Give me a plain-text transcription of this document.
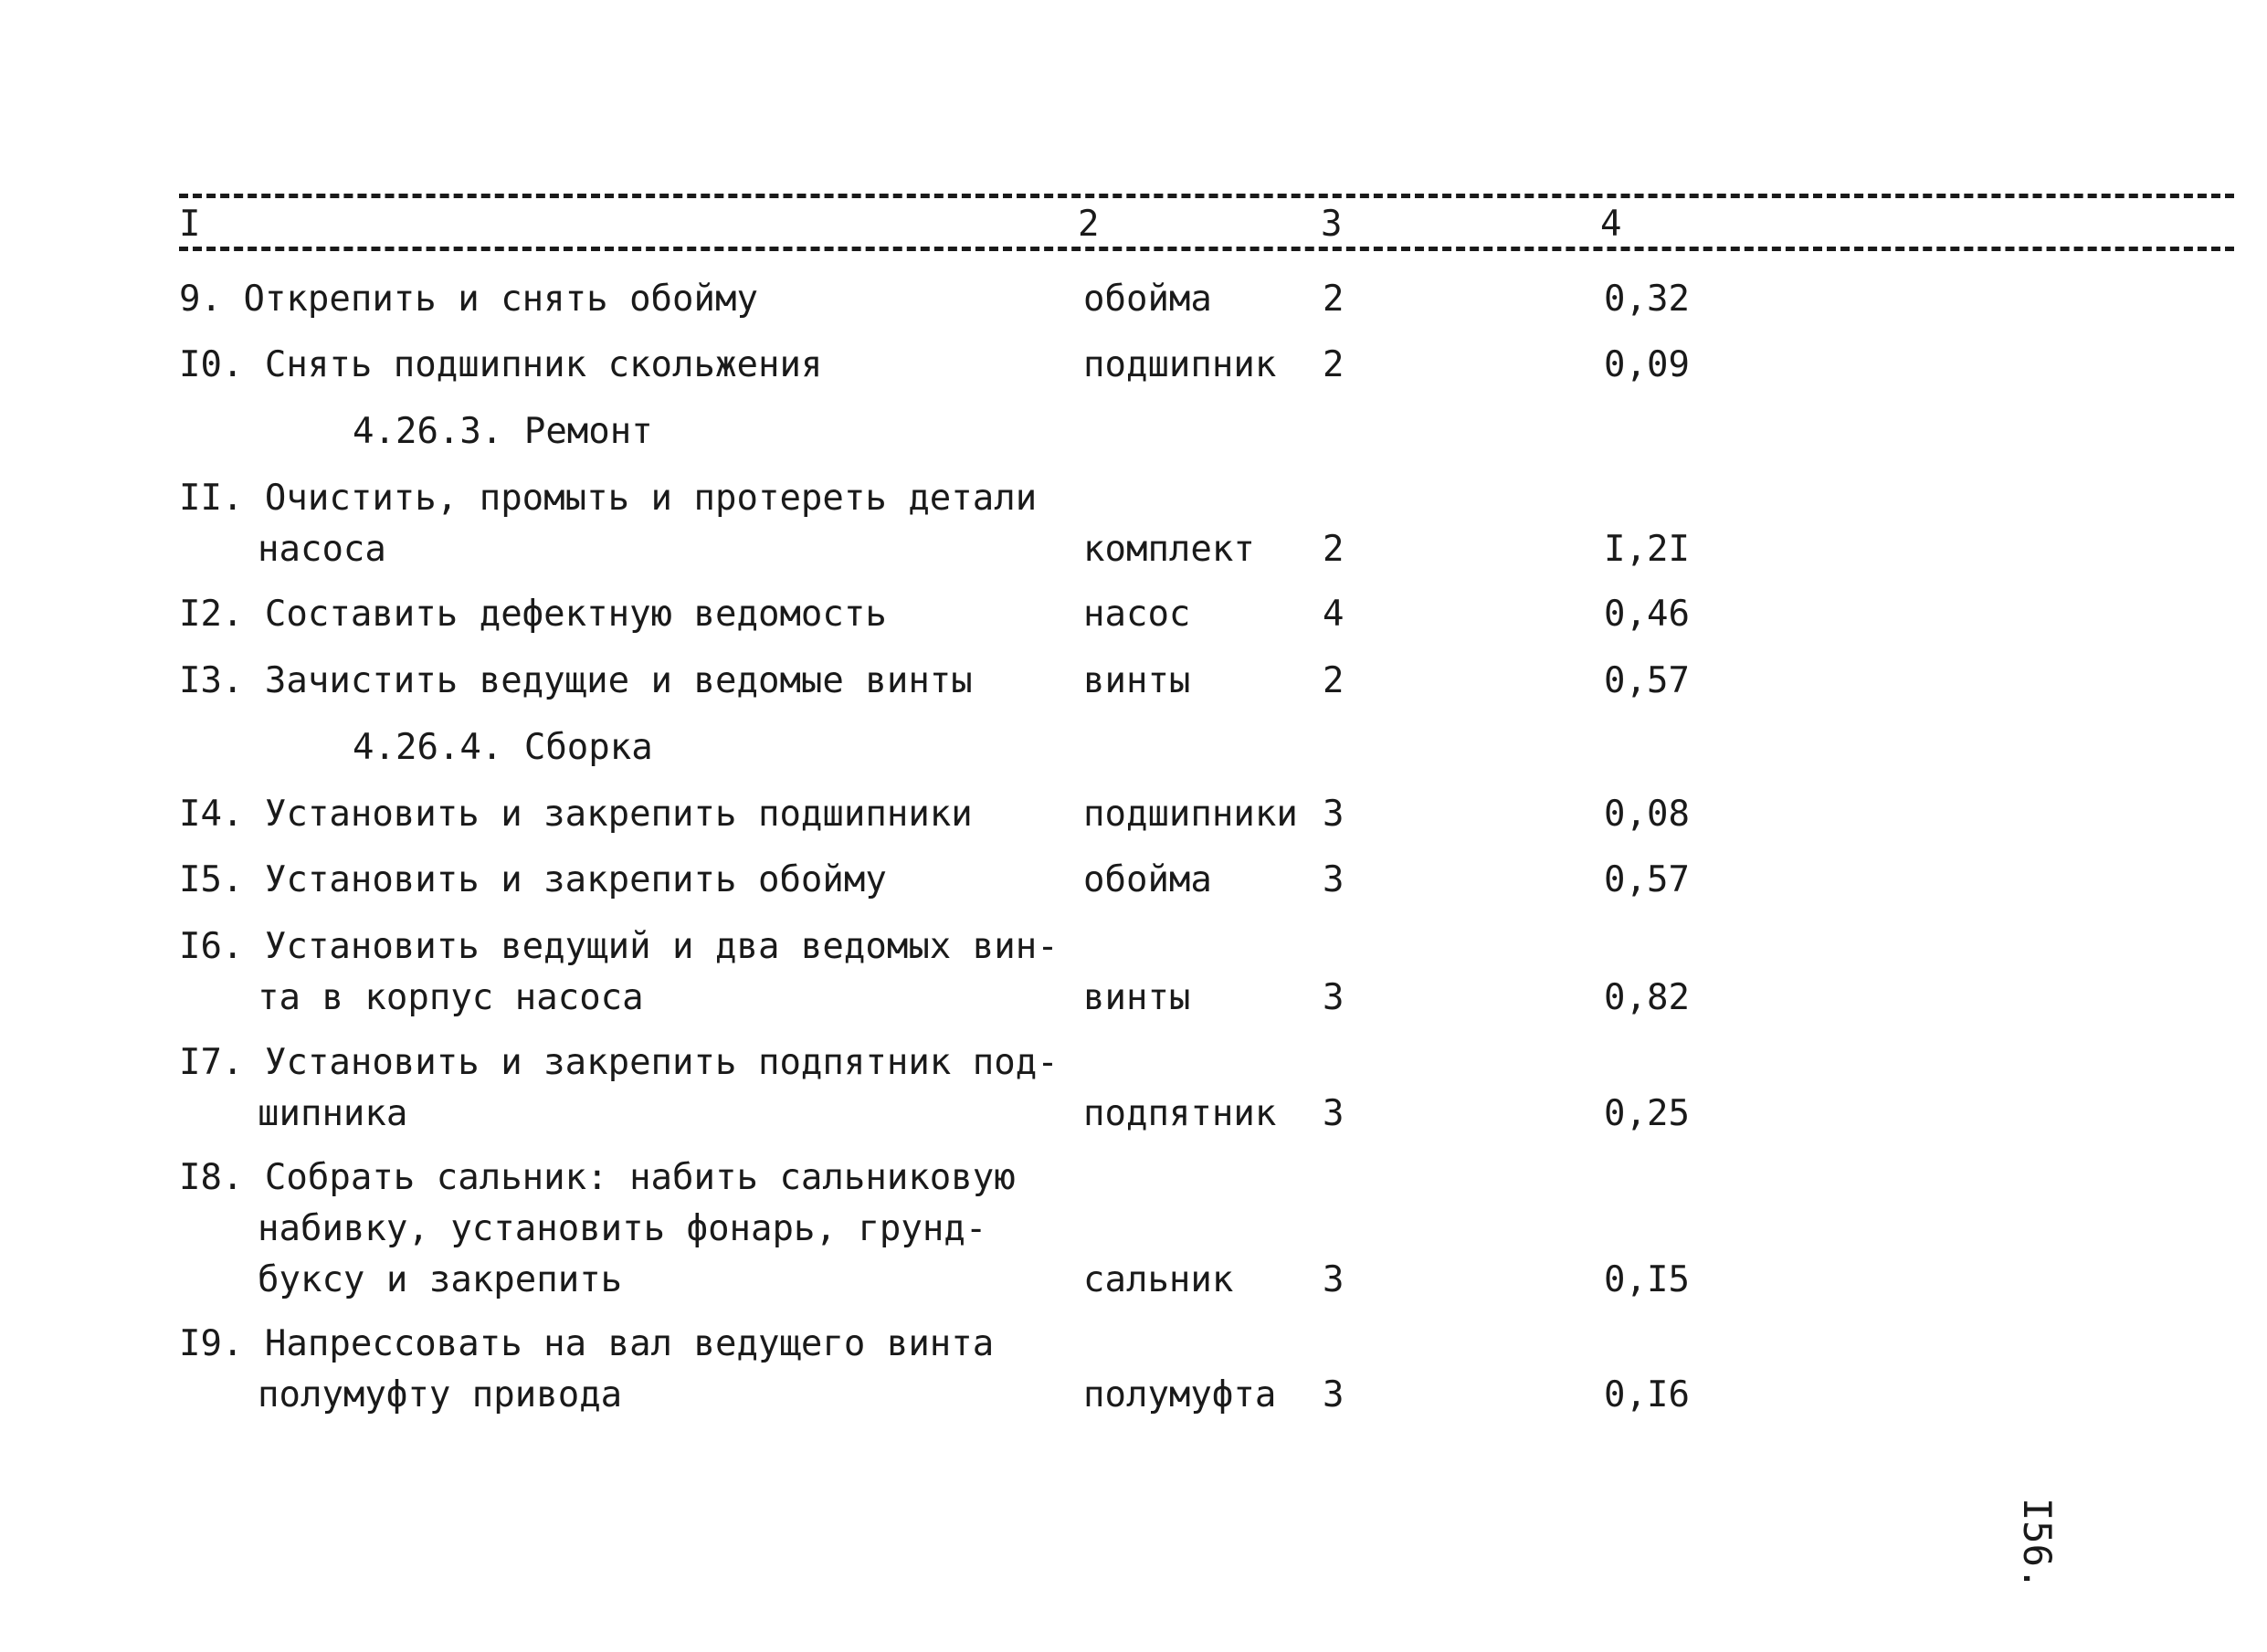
I	2	3	4
9. Открепить и снять обойму	обойма	2	0,32
I0. Снять подшипник скольжения	подшипник 2	0,09
4.26.3. Ремонт
II. Очистить, промыть и протереть детали
насоса	комплект 2	I,2I
I2. Составить дефектную ведомость	насос	4	0,46
I3. Зачистить ведущие и ведомые винты	винты	2	0,57
4.26.4. Сборка
I4. Установить и закрепить подшипники	подшипники 3	0,08
I5. Установить и закрепить обойму	обойма	3	0,57
I6. Установить ведущий и два ведомых вин-
та в корпус насоса	винты	3	0,82
I7. Установить и закрепить подпятник под-
шипника	подпятник 3	0,25
I8. Собрать сальник: набить сальниковую
набивку, установить фонарь, грунд-
буксу и закрепить	сальник	3	0,I5
I9. Напрессовать на вал ведущего винта
полумуфту привода	полумуфта 3	0,I6
I56.
